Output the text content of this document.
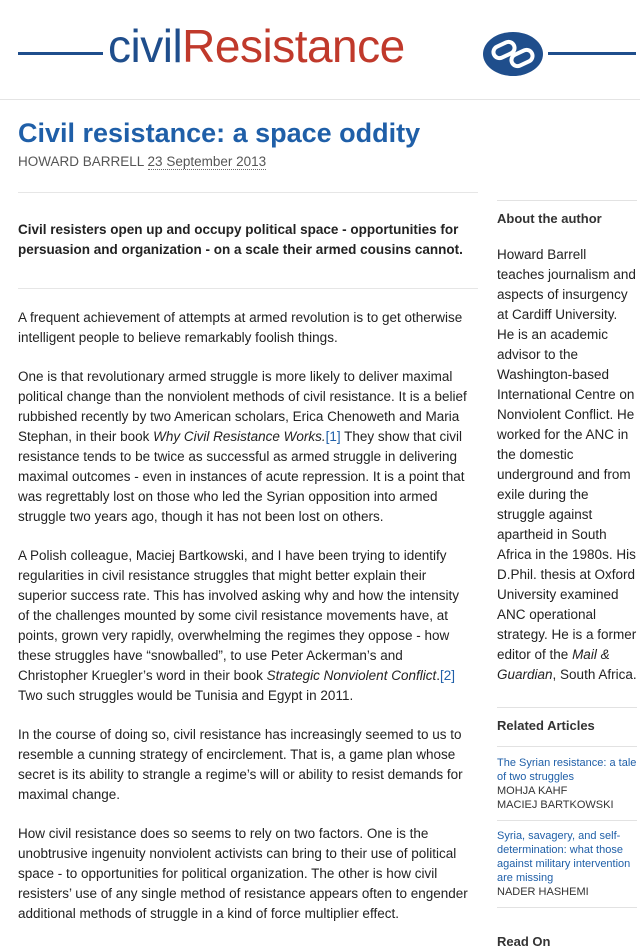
civilResistance
Civil resistance: a space oddity
HOWARD BARRELL 23 September 2013

Civil resisters open up and occupy political space - opportunities for persuasion and organization - on a scale their armed cousins cannot.

A frequent achievement of attempts at armed revolution is to get otherwise intelligent people to believe remarkably foolish things.

One is that revolutionary armed struggle is more likely to deliver maximal political change than the nonviolent methods of civil resistance. It is a belief rubbished recently by two American scholars, Erica Chenoweth and Maria Stephan, in their book Why Civil Resistance Works.[1] They show that civil resistance tends to be twice as successful as armed struggle in delivering maximal outcomes - even in instances of acute repression. It is a point that was regrettably lost on those who led the Syrian opposition into armed struggle two years ago, though it has not been lost on others.

A Polish colleague, Maciej Bartkowski, and I have been trying to identify regularities in civil resistance struggles that might better explain their superior success rate. This has involved asking why and how the intensity of the challenges mounted by some civil resistance movements have, at points, grown very rapidly, overwhelming the regimes they oppose - how these struggles have “snowballed”, to use Peter Ackerman’s and Christopher Kruegler’s word in their book Strategic Nonviolent Conflict.[2] Two such struggles would be Tunisia and Egypt in 2011.

In the course of doing so, civil resistance has increasingly seemed to us to resemble a cunning strategy of encirclement. That is, a game plan whose secret is its ability to strangle a regime’s will or ability to resist demands for maximal change.

How civil resistance does so seems to rely on two factors. One is the unobtrusive ingenuity nonviolent activists can bring to their use of political space - to opportunities for political organization. The other is how civil resisters’ use of any single method of resistance appears often to engender additional methods of struggle in a kind of force multiplier effect.

About the author

Howard Barrell teaches journalism and aspects of insurgency at Cardiff University. He is an academic advisor to the Washington-based International Centre on Nonviolent Conflict. He worked for the ANC in the domestic underground and from exile during the struggle against apartheid in South Africa in the 1980s. His D.Phil. thesis at Oxford University examined ANC operational strategy. He is a former editor of the Mail & Guardian, South Africa.

Related Articles
The Syrian resistance: a tale of two struggles
MOHJA KAHF
MACIEJ BARTKOWSKI
Syria, savagery, and self-determination: what those against military intervention are missing
NADER HASHEMI
Read On
